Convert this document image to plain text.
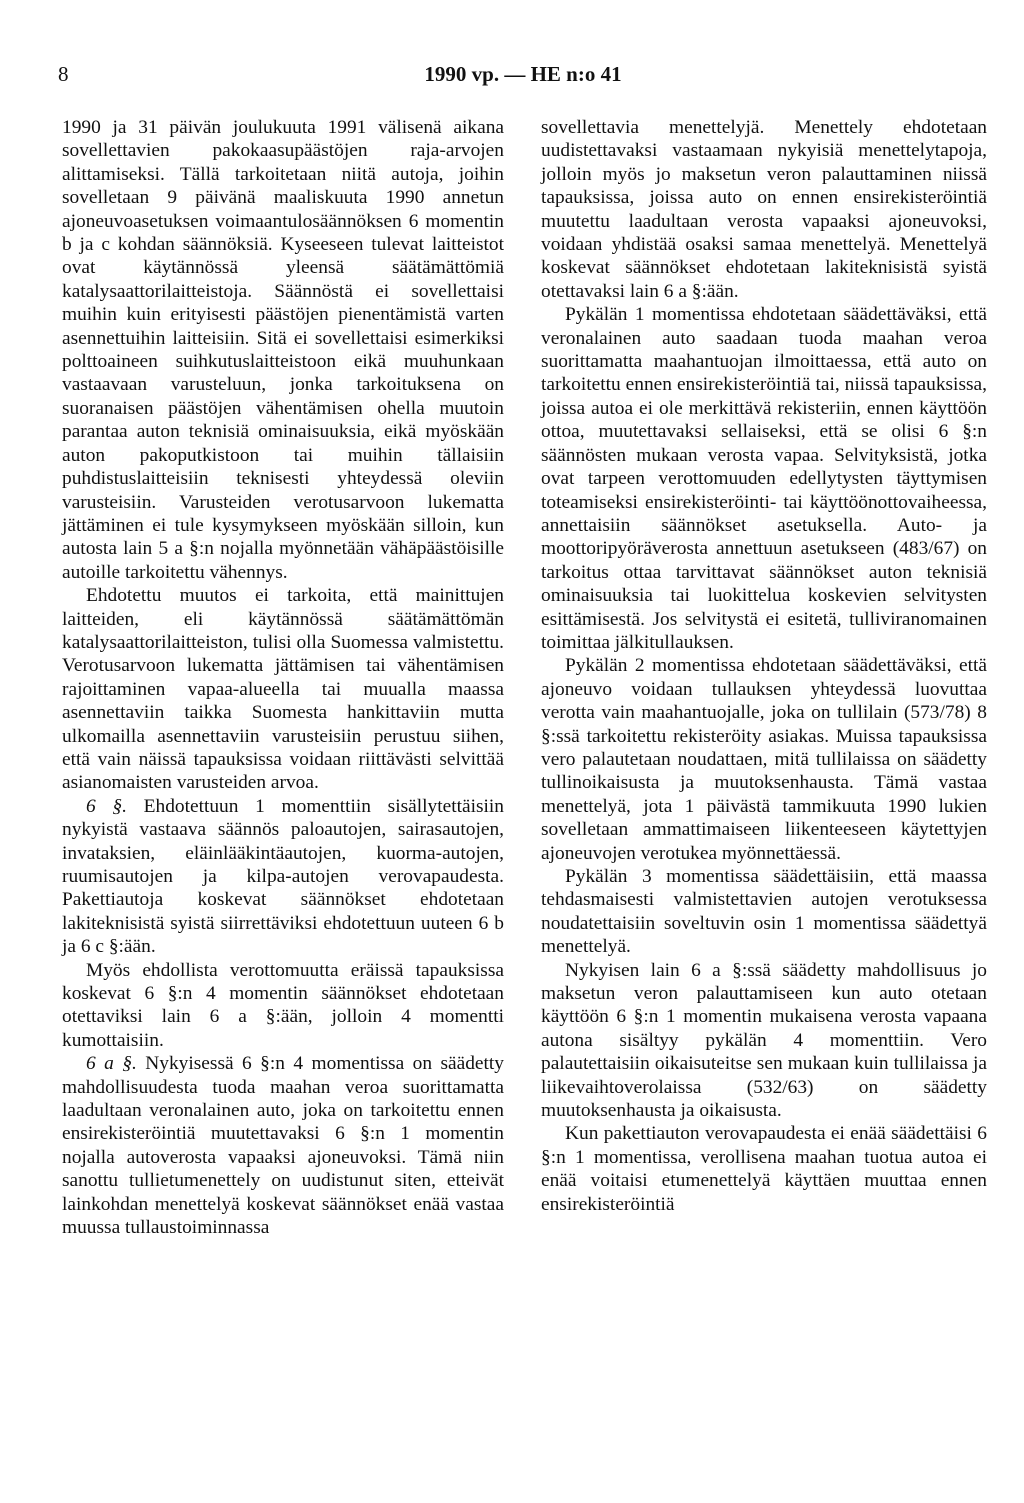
8	1990 vp. — HE n:o 41

1990 ja 31 päivän joulukuuta 1991 välisenä aikana sovellettavien pakokaasupäästöjen raja-arvojen alittamiseksi. Tällä tarkoitetaan niitä autoja, joihin sovelletaan 9 päivänä maaliskuuta 1990 annetun ajoneuvoasetuksen voimaantulosäännöksen 6 momentin b ja c kohdan säännöksiä. Kyseeseen tulevat laitteistot ovat käytännössä yleensä säätämättömiä katalysaattorilaitteistoja. Säännöstä ei sovellettaisi muihin kuin erityisesti päästöjen pienentämistä varten asennettuihin laitteisiin. Sitä ei sovellettaisi esimerkiksi polttoaineen suihkutuslaitteistoon eikä muuhunkaan vastaavaan varusteluun, jonka tarkoituksena on suoranaisen päästöjen vähentämisen ohella muutoin parantaa auton teknisiä ominaisuuksia, eikä myöskään auton pakoputkistoon tai muihin tällaisiin puhdistuslaitteisiin teknisesti yhteydessä oleviin varusteisiin. Varusteiden verotusarvoon lukematta jättäminen ei tule kysymykseen myöskään silloin, kun autosta lain 5 a §:n nojalla myönnetään vähäpäästöisille autoille tarkoitettu vähennys.

Ehdotettu muutos ei tarkoita, että mainittujen laitteiden, eli käytännössä säätämättömän katalysaattorilaitteiston, tulisi olla Suomessa valmistettu. Verotusarvoon lukematta jättämisen tai vähentämisen rajoittaminen vapaa-alueella tai muualla maassa asennettaviin taikka Suomesta hankittaviin mutta ulkomailla asennettaviin varusteisiin perustuu siihen, että vain näissä tapauksissa voidaan riittävästi selvittää asianomaisten varusteiden arvoa.

6 §. Ehdotettuun 1 momenttiin sisällytettäisiin nykyistä vastaava säännös paloautojen, sairasautojen, invataksien, eläinlääkintäautojen, kuorma-autojen, ruumisautojen ja kilpa-autojen verovapaudesta. Pakettiautoja koskevat säännökset ehdotetaan lakiteknisistä syistä siirrettäviksi ehdotettuun uuteen 6 b ja 6 c §:ään.

Myös ehdollista verottomuutta eräissä tapauksissa koskevat 6 §:n 4 momentin säännökset ehdotetaan otettaviksi lain 6 a §:ään, jolloin 4 momentti kumottaisiin.

6 a §. Nykyisessä 6 §:n 4 momentissa on säädetty mahdollisuudesta tuoda maahan veroa suorittamatta laadultaan veronalainen auto, joka on tarkoitettu ennen ensirekisteröintiä muutettavaksi 6 §:n 1 momentin nojalla autoverosta vapaaksi ajoneuvoksi. Tämä niin sanottu tullietumenettely on uudistunut siten, etteivät lainkohdan menettelyä koskevat säännökset enää vastaa muussa tullaustoiminnassa

sovellettavia menettelyjä. Menettely ehdotetaan uudistettavaksi vastaamaan nykyisiä menettelytapoja, jolloin myös jo maksetun veron palauttaminen niissä tapauksissa, joissa auto on ennen ensirekisteröintiä muutettu laadultaan verosta vapaaksi ajoneuvoksi, voidaan yhdistää osaksi samaa menettelyä. Menettelyä koskevat säännökset ehdotetaan lakiteknisistä syistä otettavaksi lain 6 a §:ään.

Pykälän 1 momentissa ehdotetaan säädettäväksi, että veronalainen auto saadaan tuoda maahan veroa suorittamatta maahantuojan ilmoittaessa, että auto on tarkoitettu ennen ensirekisteröintiä tai, niissä tapauksissa, joissa autoa ei ole merkittävä rekisteriin, ennen käyttöön ottoa, muutettavaksi sellaiseksi, että se olisi 6 §:n säännösten mukaan verosta vapaa. Selvityksistä, jotka ovat tarpeen verottomuuden edellytysten täyttymisen toteamiseksi ensirekisteröinti- tai käyttöönottovaiheessa, annettaisiin säännökset asetuksella. Auto- ja moottoripyöräverosta annettuun asetukseen (483/67) on tarkoitus ottaa tarvittavat säännökset auton teknisiä ominaisuuksia tai luokittelua koskevien selvitysten esittämisestä. Jos selvitystä ei esitetä, tulliviranomainen toimittaa jälkitullauksen.

Pykälän 2 momentissa ehdotetaan säädettäväksi, että ajoneuvo voidaan tullauksen yhteydessä luovuttaa verotta vain maahantuojalle, joka on tullilain (573/78) 8 §:ssä tarkoitettu rekisteröity asiakas. Muissa tapauksissa vero palautetaan noudattaen, mitä tullilaissa on säädetty tullinoikaisusta ja muutoksenhausta. Tämä vastaa menettelyä, jota 1 päivästä tammikuuta 1990 lukien sovelletaan ammattimaiseen liikenteeseen käytettyjen ajoneuvojen verotukea myönnettäessä.

Pykälän 3 momentissa säädettäisiin, että maassa tehdasmaisesti valmistettavien autojen verotuksessa noudatettaisiin soveltuvin osin 1 momentissa säädettyä menettelyä.

Nykyisen lain 6 a §:ssä säädetty mahdollisuus jo maksetun veron palauttamiseen kun auto otetaan käyttöön 6 §:n 1 momentin mukaisena verosta vapaana autona sisältyy pykälän 4 momenttiin. Vero palautettaisiin oikaisuteitse sen mukaan kuin tullilaissa ja liikevaihtoverolaissa (532/63) on säädetty muutoksenhausta ja oikaisusta.

Kun pakettiauton verovapaudesta ei enää säädettäisi 6 §:n 1 momentissa, verollisena maahan tuotua autoa ei enää voitaisi etumenettelyä käyttäen muuttaa ennen ensirekisteröintiä
